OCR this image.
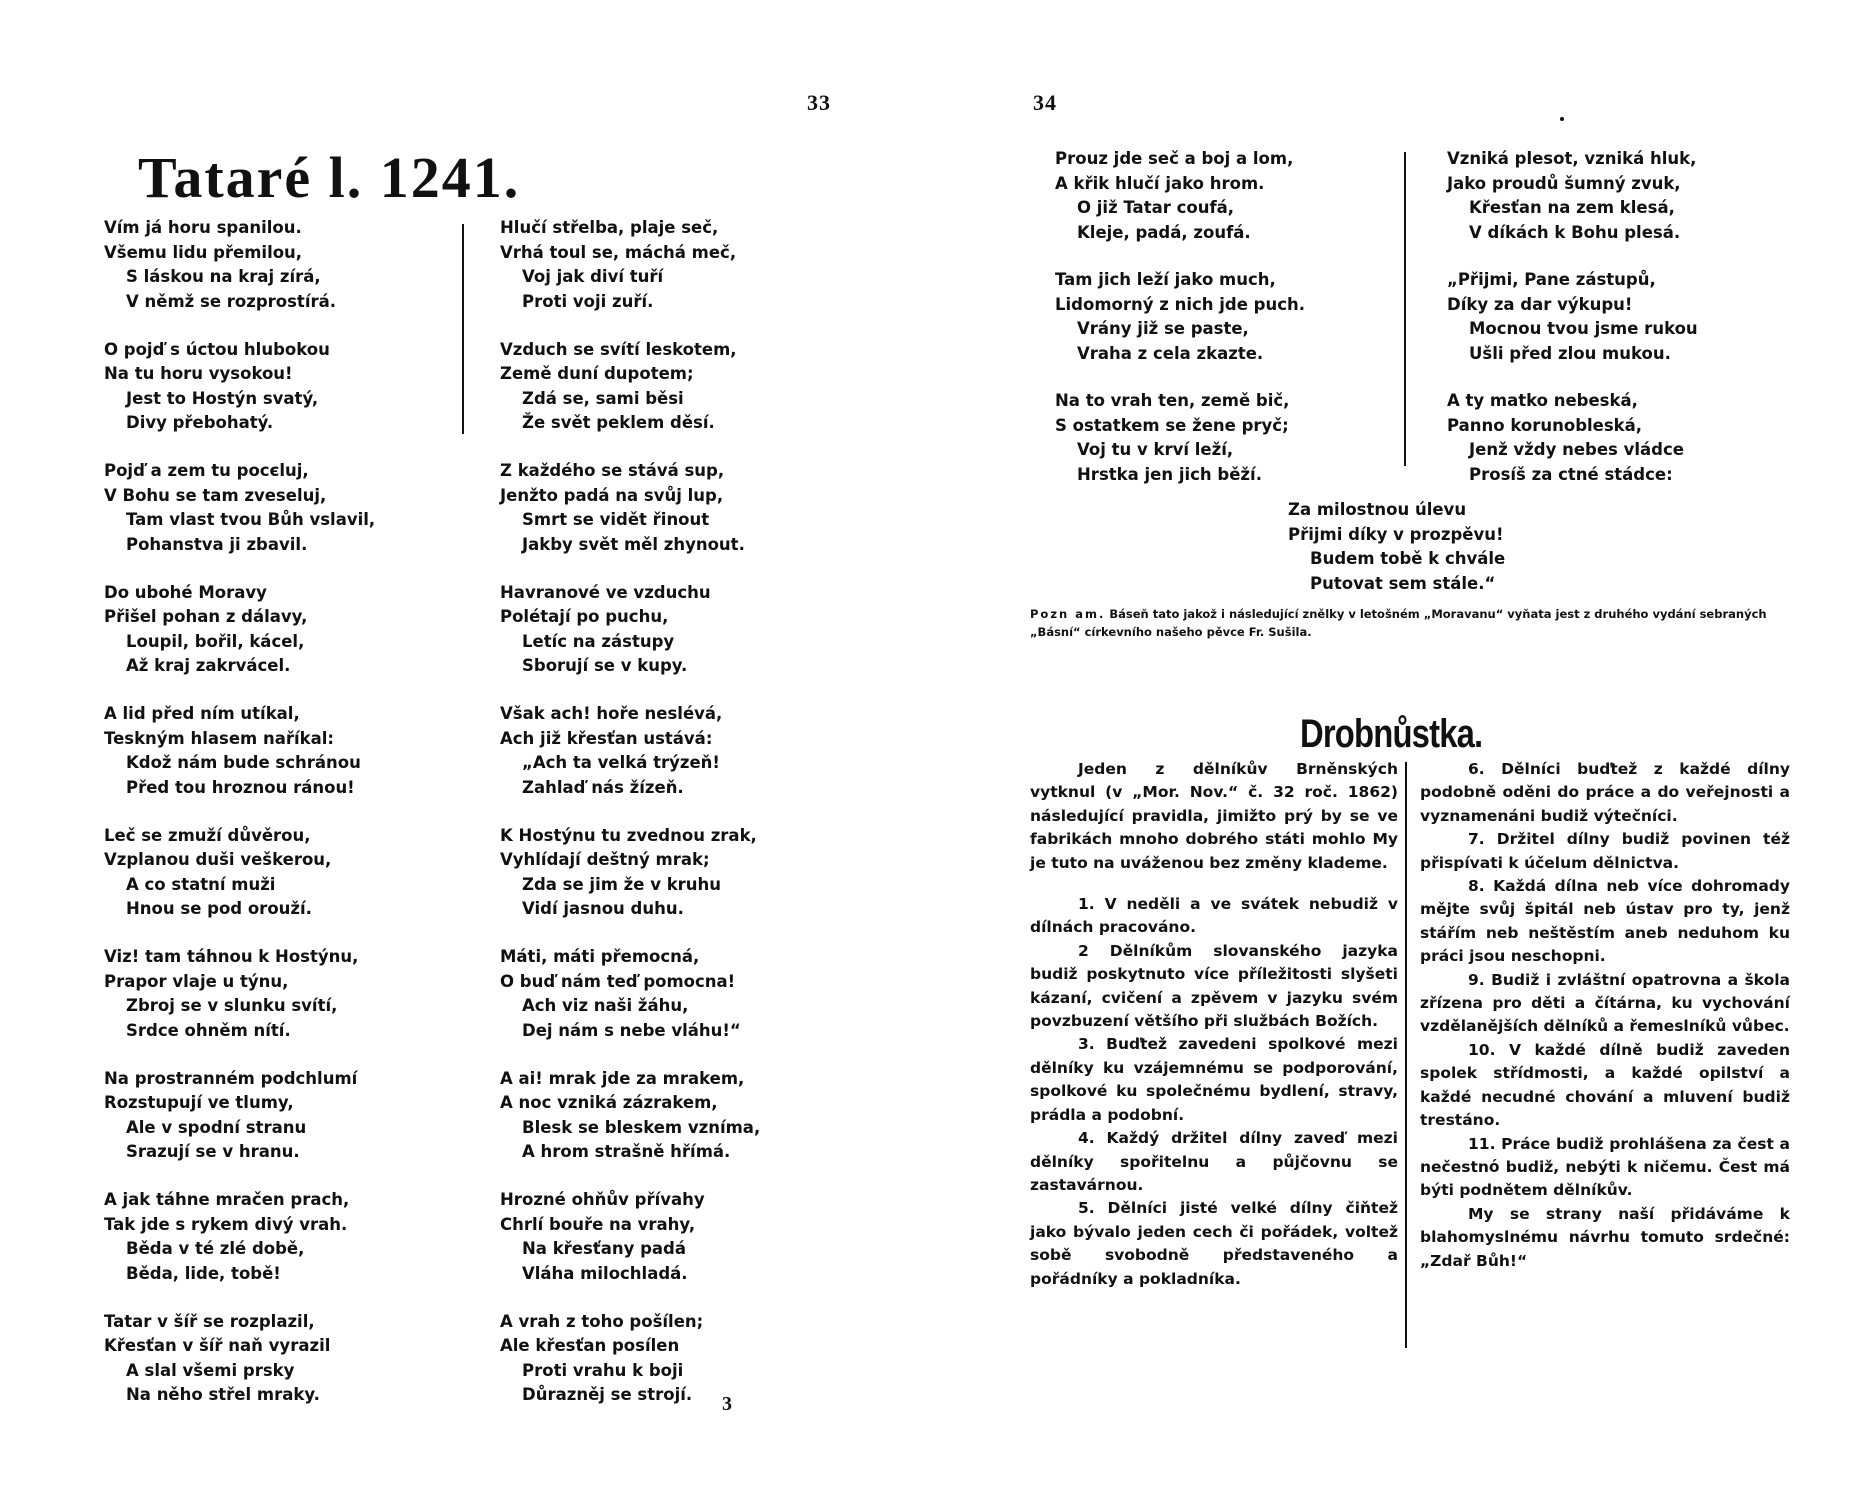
33
Tataré l. 1241.
Vím já horu spanilou.
Všemu lidu přemilou,
S láskou na kraj zírá,
V němž se rozprostírá.
O pojď s úctou hlubokou
Na tu horu vysokou!
Jest to Hostýn svatý,
Divy přebohatý.
Pojď a zem tu pocєluj,
V Bohu se tam zveseluj,
Tam vlast tvou Bůh vslavil,
Pohanstva ji zbavil.
Do ubohé Moravy
Přišel pohan z dálavy,
Loupil, bořil, kácel,
Až kraj zakrvácel.
A lid před ním utíkal,
Teskným hlasem naříkal:
Kdož nám bude schránou
Před tou hroznou ránou!
Leč se zmuží důvěrou,
Vzplanou duši veškerou,
A co statní muži
Hnou se pod orouží.
Viz! tam táhnou k Hostýnu,
Prapor vlaje u týnu,
Zbroj se v slunku svítí,
Srdce ohněm nítí.
Na prostranném podchlumí
Rozstupují ve tlumy,
Ale v spodní stranu
Srazují se v hranu.
A jak táhne mračen prach,
Tak jde s rykem divý vrah.
Běda v té zlé době,
Běda, lide, tobě!
Tatar v šíř se rozplazil,
Křesťan v šíř naň vyrazil
A slal všemi prsky
Na něho střel mraky.
Hlučí střelba, plaje seč,
Vrhá toul se, máchá meč,
Voj jak diví tuří
Proti voji zuří.
Vzduch se svítí leskotem,
Země duní dupotem;
Zdá se, sami běsi
Že svět peklem děsí.
Z každého se stává sup,
Jenžto padá na svůj lup,
Smrt se vidět řinout
Jakby svět měl zhynout.
Havranové ve vzduchu
Polétají po puchu,
Letíc na zástupy
Sborují se v kupy.
Však ach! hoře neslévá,
Ach již křesťan ustává:
„Ach ta velká trýzeň!
Zahlaď nás žízeň.
K Hostýnu tu zvednou zrak,
Vyhlídají deštný mrak;
Zda se jim že v kruhu
Vidí jasnou duhu.
Máti, máti přemocná,
O buď nám teď pomocna!
Ach viz naši žáhu,
Dej nám s nebe vláhu!“
A ai! mrak jde za mrakem,
A noc vzniká zázrakem,
Blesk se bleskem vzníma,
A hrom strašně hřímá.
Hrozné ohňův přívahy
Chrlí bouře na vrahy,
Na křesťany padá
Vláha milochladá.
A vrah z toho pošílen;
Ale křesťan posílen
Proti vrahu k boji
Důrazněj se strojí.	3
34
Prouz jde seč a boj a lom,
A křik hlučí jako hrom.
O již Tatar coufá,
Kleje, padá, zoufá.
Tam jich leží jako much,
Lidomorný z nich jde puch.
Vrány již se paste,
Vraha z cela zkazte.
Na to vrah ten, země bič,
S ostatkem se žene pryč;
Voj tu v krví leží,
Hrstka jen jich běží.
Vzniká plesot, vzniká hluk,
Jako proudů šumný zvuk,
Křesťan na zem klesá,
V díkách k Bohu plesá.
„Přijmi, Pane zástupů,
Díky za dar výkupu!
Mocnou tvou jsme rukou
Ušli před zlou mukou.
A ty matko nebeská,
Panno korunobleská,
Jenž vždy nebes vládce
Prosíš za ctné stádce:
Za milostnou úlevu
Přijmi díky v prozpěvu!
Budem tobě k chvále
Putovat sem stále.“
Pozn am. Báseň tato jakož i následující znělky v letošném „Moravanu“ vyňata jest z druhého vydání sebraných „Básní“ církevního našeho pěvce Fr. Sušila.
Drobnůstka.

Jeden z dělníkův Brněnských vytknul (v „Mor. Nov.“ č. 32 roč. 1862) následující pravidla, jimižto prý by se ve fabrikách mnoho dobrého státi mohlo My je tuto na uváženou bez změny klademe.

1. V neděli a ve svátek nebudiž v dílnách pracováno.

2 Dělníkům slovanského jazyka budiž poskytnuto více příležitosti slyšeti kázaní, cvičení a zpěvem v jazyku svém povzbuzení většího při službách Božích.

3. Buďtež zavedeni spolkové mezi dělníky ku vzájemnému se podporování, spolkové ku společnému bydlení, stravy, prádla a podobní.

4. Každý držitel dílny zaveď mezi dělníky spořitelnu a půjčovnu se zastavárnou.

5. Dělníci jisté velké dílny čiňtež jako bývalo jeden cech či pořádek, voltež sobě svobodně představeného a pořádníky a pokladníka.

6. Dělníci buďtež z každé dílny podobně oděni do práce a do veřejnosti a vyznamenáni budiž výtečníci.

7. Držitel dílny budiž povinen též přispívati k účelum dělnictva.

8. Každá dílna neb více dohromady mějte svůj špitál neb ústav pro ty, jenž stářím neb neštěstím aneb neduhom ku práci jsou neschopni.

9. Budiž i zvláštní opatrovna a škola zřízena pro děti a čítárna, ku vychování vzdělanějších dělníků a řemeslníků vůbec.

10. V každé dílně budiž zaveden spolek střídmosti, a každé opilství a každé necudné chování a mluvení budiž trestáno.

11. Práce budiž prohlášena za čest a nečestnό budiž, nebýti k ničemu. Čest má býti podnětem dělníkův.

My se strany naší přidáváme k blahomyslnému návrhu tomuto srdečné: „Zdař Bůh!“
